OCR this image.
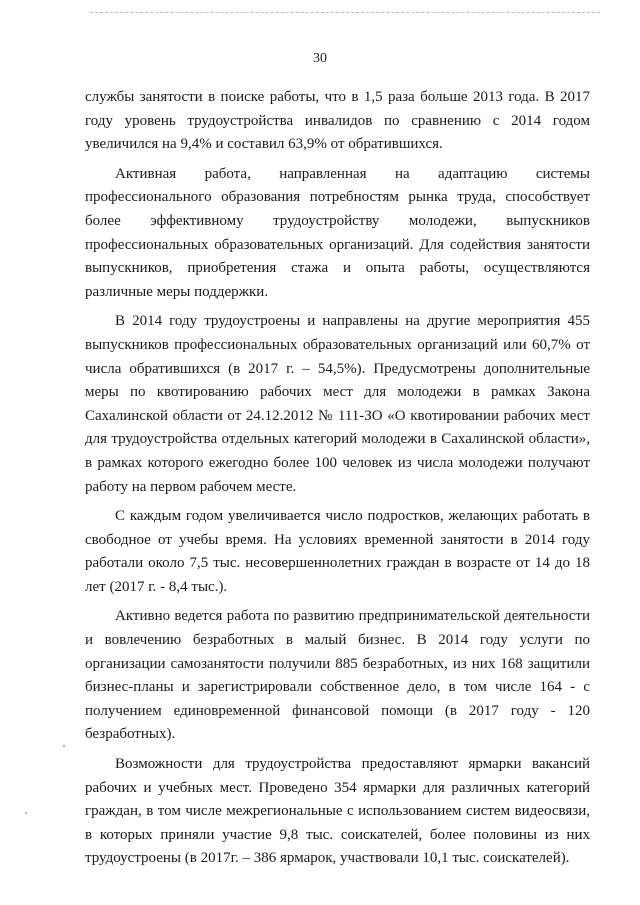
30

службы занятости в поиске работы, что в 1,5 раза больше 2013 года. В 2017 году уровень трудоустройства инвалидов по сравнению с 2014 годом увеличился на 9,4% и составил 63,9% от обратившихся.

Активная работа, направленная на адаптацию системы профессионального образования потребностям рынка труда, способствует более эффективному трудоустройству молодежи, выпускников профессиональных образовательных организаций. Для содействия занятости выпускников, приобретения стажа и опыта работы, осуществляются различные меры поддержки.

В 2014 году трудоустроены и направлены на другие мероприятия 455 выпускников профессиональных образовательных организаций или 60,7% от числа обратившихся (в 2017 г. – 54,5%). Предусмотрены дополнительные меры по квотированию рабочих мест для молодежи в рамках Закона Сахалинской области от 24.12.2012 № 111-ЗО «О квотировании рабочих мест для трудоустройства отдельных категорий молодежи в Сахалинской области», в рамках которого ежегодно более 100 человек из числа молодежи получают работу на первом рабочем месте.

С каждым годом увеличивается число подростков, желающих работать в свободное от учебы время. На условиях временной занятости в 2014 году работали около 7,5 тыс. несовершеннолетних граждан в возрасте от 14 до 18 лет (2017 г. - 8,4 тыс.).

Активно ведется работа по развитию предпринимательской деятельности и вовлечению безработных в малый бизнес. В 2014 году услуги по организации самозанятости получили 885 безработных, из них 168 защитили бизнес-планы и зарегистрировали собственное дело, в том числе 164 - с получением единовременной финансовой помощи (в 2017 году - 120 безработных).

Возможности для трудоустройства предоставляют ярмарки вакансий рабочих и учебных мест. Проведено 354 ярмарки для различных категорий граждан, в том числе межрегиональные с использованием систем видеосвязи, в которых приняли участие 9,8 тыс. соискателей, более половины из них трудоустроены (в 2017г. – 386 ярмарок, участвовали 10,1 тыс. соискателей).
